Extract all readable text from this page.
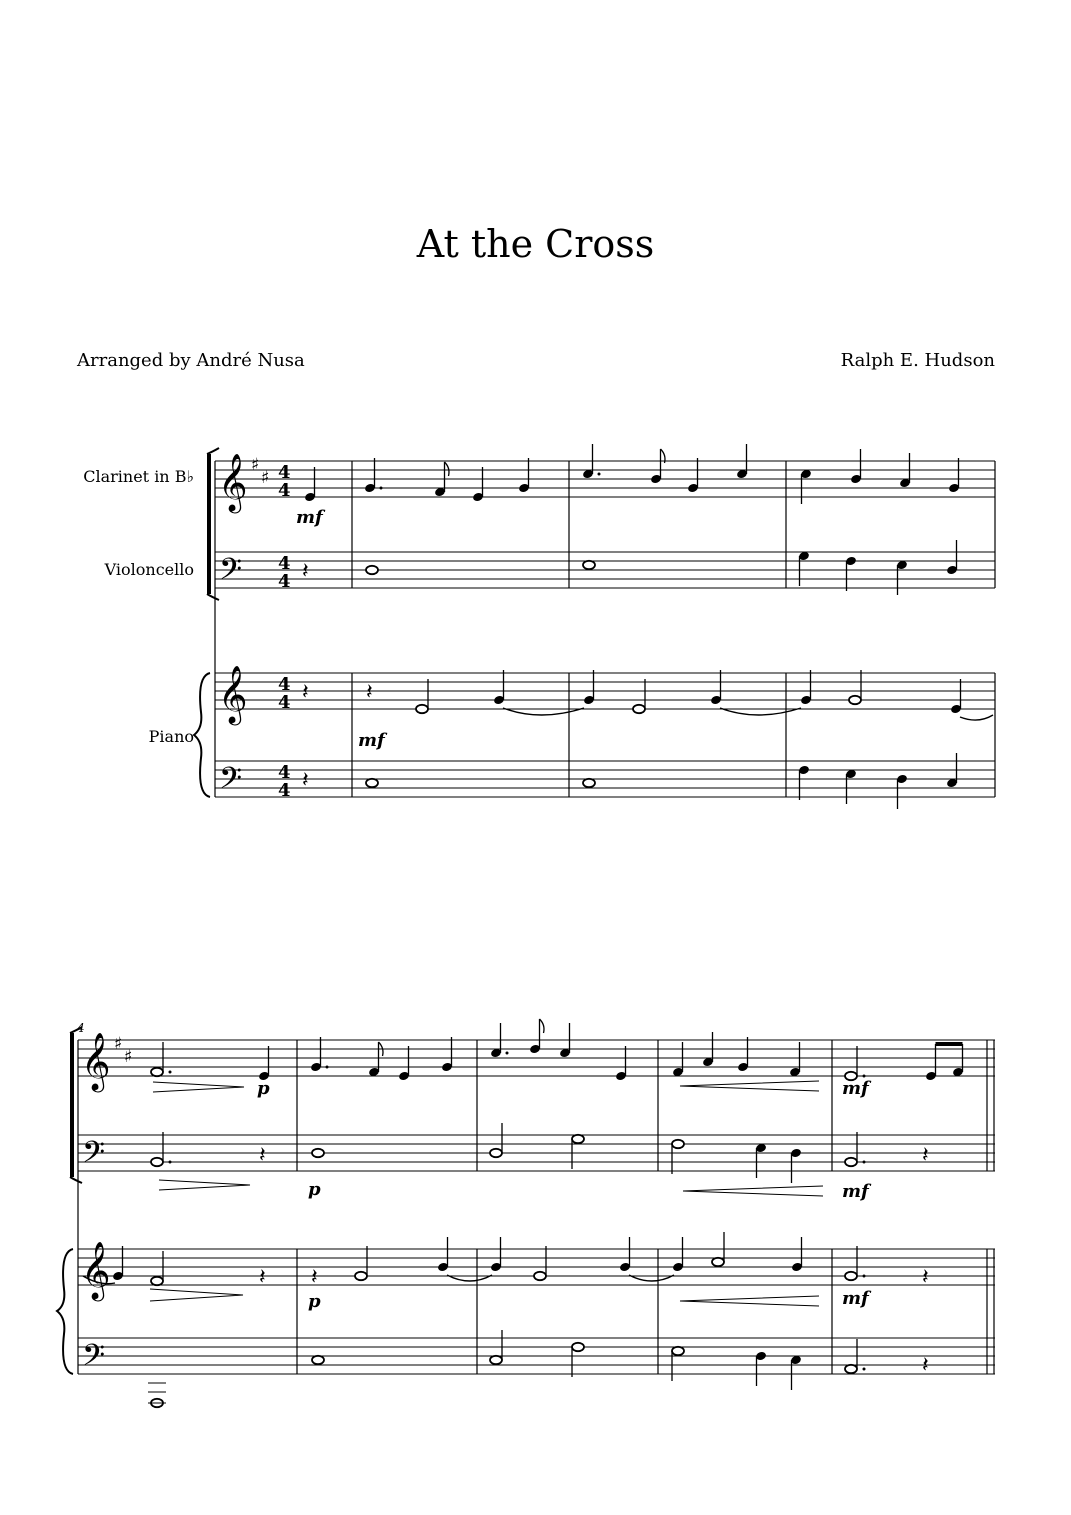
At the Cross
Arranged by André Nusa	Ralph E. Hudson
Clarinet in B♭
Violoncello
Piano
𝄞
𝄢
𝄞
𝄢
♯
♯ 4
4
4
4
4
4
4
4
mf
𝄽
𝄽	𝄽
mf
𝄽
4
𝄞
𝄢
𝄞
𝄢
♯
♯
p	mf
𝄽	𝄽
p	mf
𝄽 𝄽	𝄽
p	mf
𝄽
